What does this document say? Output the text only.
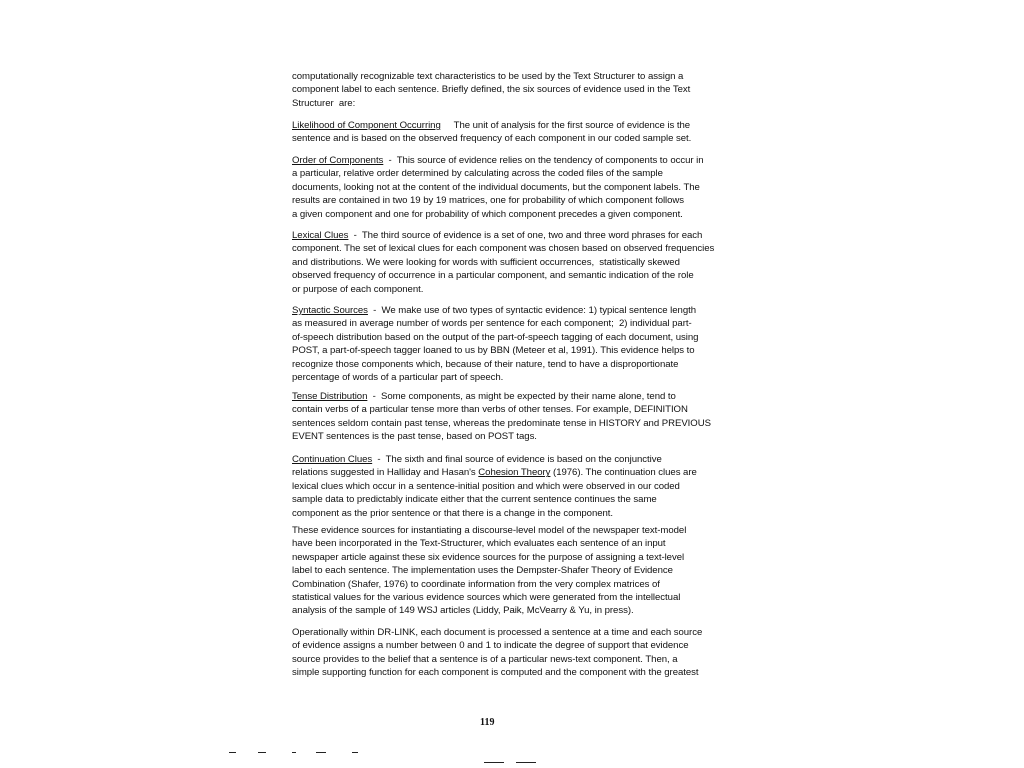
computationally recognizable text characteristics to be used by the Text Structurer to assign a
component label to each sentence. Briefly defined, the six sources of evidence used in the Text
Structurer  are:
Likelihood of Component Occurring     The unit of analysis for the first source of evidence is the
sentence and is based on the observed frequency of each component in our coded sample set.
Order of Components  -  This source of evidence relies on the tendency of components to occur in
a particular, relative order determined by calculating across the coded files of the sample
documents, looking not at the content of the individual documents, but the component labels. The
results are contained in two 19 by 19 matrices, one for probability of which component follows
a given component and one for probability of which component precedes a given component.
Lexical Clues  -  The third source of evidence is a set of one, two and three word phrases for each
component. The set of lexical clues for each component was chosen based on observed frequencies
and distributions. We were looking for words with sufficient occurrences,  statistically skewed
observed frequency of occurrence in a particular component, and semantic indication of the role
or purpose of each component.
Syntactic Sources  -  We make use of two types of syntactic evidence: 1) typical sentence length
as measured in average number of words per sentence for each component;  2) individual part-
of-speech distribution based on the output of the part-of-speech tagging of each document, using
POST, a part-of-speech tagger loaned to us by BBN (Meteer et al, 1991). This evidence helps to
recognize those components which, because of their nature, tend to have a disproportionate
percentage of words of a particular part of speech.
Tense Distribution  -  Some components, as might be expected by their name alone, tend to
contain verbs of a particular tense more than verbs of other tenses. For example, DEFINITION
sentences seldom contain past tense, whereas the predominate tense in HISTORY and PREVIOUS
EVENT sentences is the past tense, based on POST tags.
Continuation Clues  -  The sixth and final source of evidence is based on the conjunctive
relations suggested in Halliday and Hasan's Cohesion Theory (1976). The continuation clues are
lexical clues which occur in a sentence-initial position and which were observed in our coded
sample data to predictably indicate either that the current sentence continues the same
component as the prior sentence or that there is a change in the component.
These evidence sources for instantiating a discourse-level model of the newspaper text-model
have been incorporated in the Text-Structurer, which evaluates each sentence of an input
newspaper article against these six evidence sources for the purpose of assigning a text-level
label to each sentence. The implementation uses the Dempster-Shafer Theory of Evidence
Combination (Shafer, 1976) to coordinate information from the very complex matrices of
statistical values for the various evidence sources which were generated from the intellectual
analysis of the sample of 149 WSJ articles (Liddy, Paik, McVearry & Yu, in press).
Operationally within DR-LINK, each document is processed a sentence at a time and each source
of evidence assigns a number between 0 and 1 to indicate the degree of support that evidence
source provides to the belief that a sentence is of a particular news-text component. Then, a
simple supporting function for each component is computed and the component with the greatest
119
